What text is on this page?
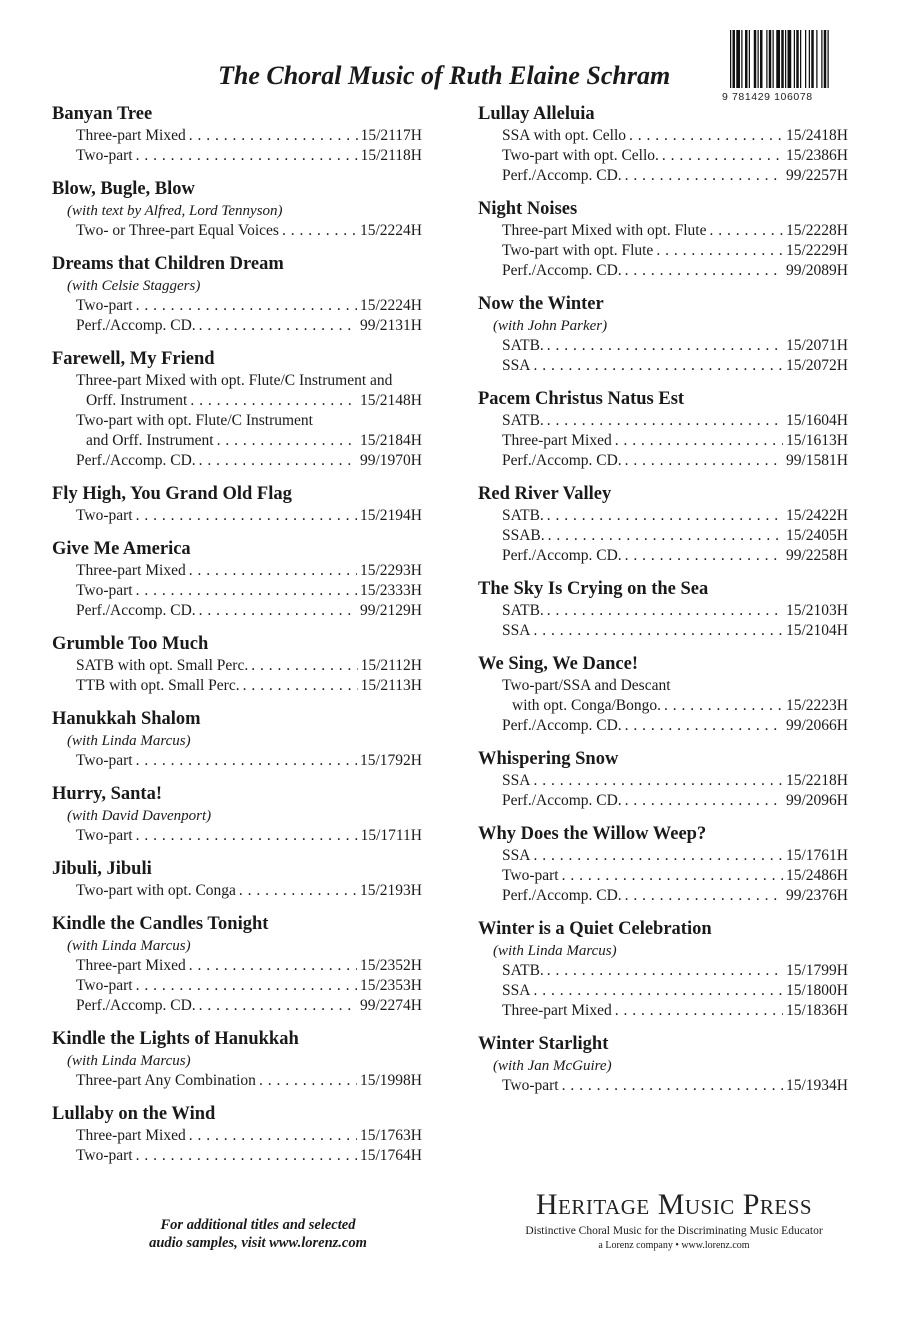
9 781429 106078
The Choral Music of Ruth Elaine Schram
Banyan Tree
Three-part Mixed . . .	15/2117H
Two-part . . .	15/2118H
Blow, Bugle, Blow
(with text by Alfred, Lord Tennyson)
Two- or Three-part Equal Voices . . .	15/2224H
Dreams that Children Dream
(with Celsie Staggers)
Two-part . . .	15/2224H
Perf./Accomp. CD. . . .	99/2131H
Farewell, My Friend
Three-part Mixed with opt. Flute/C Instrument and
Orff. Instrument . . .	15/2148H
Two-part with opt. Flute/C Instrument
and Orff. Instrument . . .	15/2184H
Perf./Accomp. CD. . . .	99/1970H
Fly High, You Grand Old Flag
Two-part . . .	15/2194H
Give Me America
Three-part Mixed . . .	15/2293H
Two-part . . .	15/2333H
Perf./Accomp. CD. . . .	99/2129H
Grumble Too Much
SATB with opt. Small Perc. . . .	15/2112H
TTB with opt. Small Perc. . . .	15/2113H
Hanukkah Shalom
(with Linda Marcus)
Two-part . . .	15/1792H
Hurry, Santa!
(with David Davenport)
Two-part . . .	15/1711H
Jibuli, Jibuli
Two-part with opt. Conga . . .	15/2193H
Kindle the Candles Tonight
(with Linda Marcus)
Three-part Mixed . . .	15/2352H
Two-part . . .	15/2353H
Perf./Accomp. CD. . . .	99/2274H
Kindle the Lights of Hanukkah
(with Linda Marcus)
Three-part Any Combination . . .	15/1998H
Lullaby on the Wind
Three-part Mixed . . .	15/1763H
Two-part . . .	15/1764H
Lullay Alleluia
SSA with opt. Cello . . .	15/2418H
Two-part with opt. Cello. . . .	15/2386H
Perf./Accomp. CD. . . .	99/2257H
Night Noises
Three-part Mixed with opt. Flute . . .	15/2228H
Two-part with opt. Flute . . .	15/2229H
Perf./Accomp. CD. . . .	99/2089H
Now the Winter
(with John Parker)
SATB. . . .	15/2071H
SSA . . .	15/2072H
Pacem Christus Natus Est
SATB. . . .	15/1604H
Three-part Mixed . . .	15/1613H
Perf./Accomp. CD. . . .	99/1581H
Red River Valley
SATB. . . .	15/2422H
SSAB. . . .	15/2405H
Perf./Accomp. CD. . . .	99/2258H
The Sky Is Crying on the Sea
SATB. . . .	15/2103H
SSA . . .	15/2104H
We Sing, We Dance!
Two-part/SSA and Descant
with opt. Conga/Bongo. . . .	15/2223H
Perf./Accomp. CD. . . .	99/2066H
Whispering Snow
SSA . . .	15/2218H
Perf./Accomp. CD. . . .	99/2096H
Why Does the Willow Weep?
SSA . . .	15/1761H
Two-part . . .	15/2486H
Perf./Accomp. CD. . . .	99/2376H
Winter is a Quiet Celebration
(with Linda Marcus)
SATB. . . .	15/1799H
SSA . . .	15/1800H
Three-part Mixed . . .	15/1836H
Winter Starlight
(with Jan McGuire)
Two-part . . .	15/1934H
For additional titles and selected
audio samples, visit www.lorenz.com
Heritage Music Press
Distinctive Choral Music for the Discriminating Music Educator
a Lorenz company • www.lorenz.com
